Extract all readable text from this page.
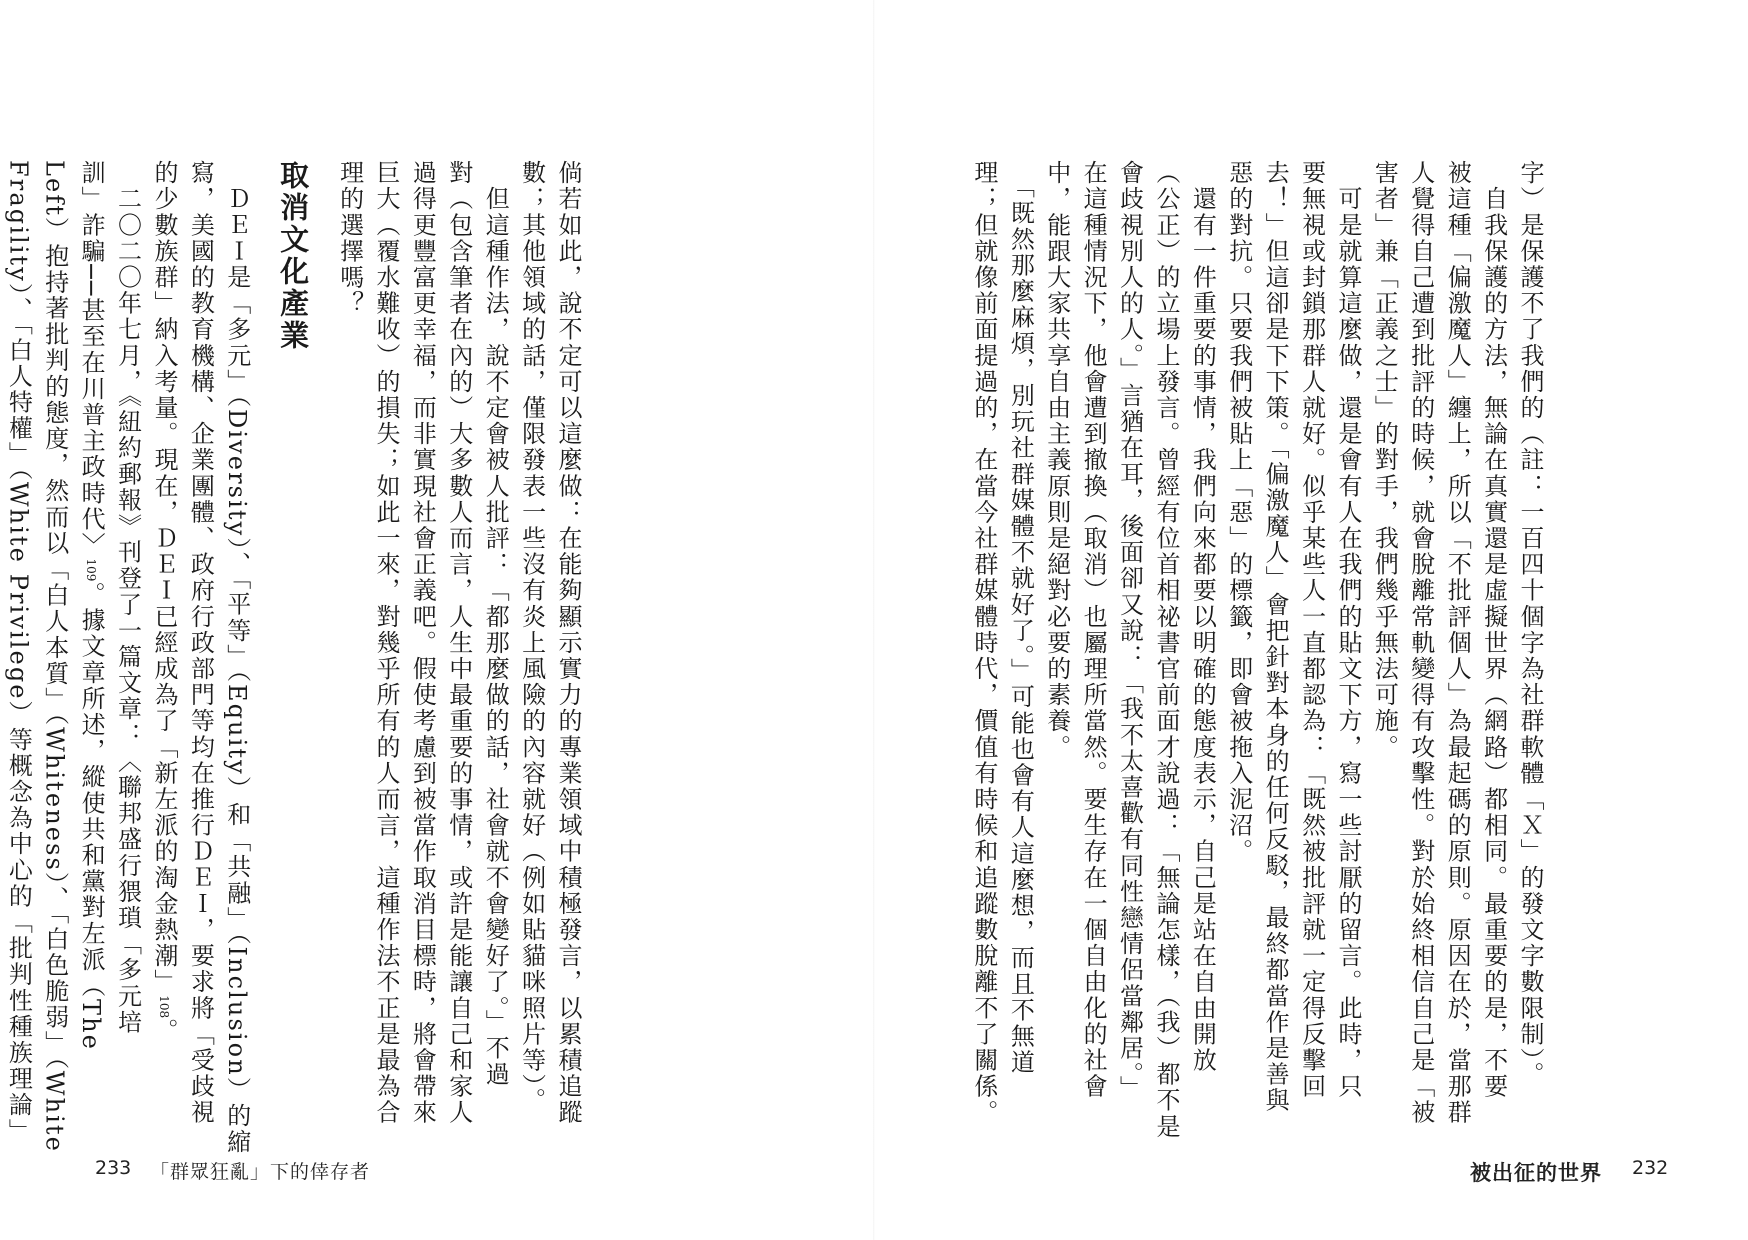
倘若如此，說不定可以這麼做：在能夠顯示實力的專業領域中積極發言，以累積追蹤
數；其他領域的話，僅限發表一些沒有炎上風險的內容就好（例如貼貓咪照片等）。
　但這種作法，說不定會被人批評：「都那麼做的話，社會就不會變好了。」不過
對（包含筆者在內的）大多數人而言，人生中最重要的事情，或許是能讓自己和家人
過得更豐富更幸福，而非實現社會正義吧。假使考慮到被當作取消目標時，將會帶來
巨大（覆水難收）的損失；如此一來，對幾乎所有的人而言，這種作法不正是最為合
理的選擇嗎？
取消文化產業
　ＤＥＩ是「多元」（Diversity）、「平等」（Equity）和「共融」（Inclusion）的縮
寫，美國的教育機構、企業團體、政府行政部門等均在推行ＤＥＩ，要求將「受歧視
的少數族群」納入考量。現在，ＤＥＩ已經成為了「新左派的淘金熱潮」108。
　二〇二〇年七月，《紐約郵報》刊登了一篇文章：〈聯邦盛行猥瑣「多元培
訓」詐騙──甚至在川普主政時代〉109。據文章所述，縱使共和黨對左派（The
Left）抱持著批判的態度，然而以「白人本質」（Whiteness）、「白色脆弱」（White
Fragility）、「白人特權」（White Privilege）等概念為中心的「批判性種族理論」
233 「群眾狂亂」下的倖存者
字）是保護不了我們的（註：一百四十個字為社群軟體「Ｘ」的發文字數限制）。
　自我保護的方法，無論在真實還是虛擬世界（網路）都相同。最重要的是，不要
被這種「偏激魔人」纏上，所以「不批評個人」為最起碼的原則。原因在於，當那群
人覺得自己遭到批評的時候，就會脫離常軌變得有攻擊性。對於始終相信自己是「被
害者」兼「正義之士」的對手，我們幾乎無法可施。
　可是就算這麼做，還是會有人在我們的貼文下方，寫一些討厭的留言。此時，只
要無視或封鎖那群人就好。似乎某些人一直都認為：「既然被批評就一定得反擊回
去！」但這卻是下下策。「偏激魔人」會把針對本身的任何反駁，最終都當作是善與
惡的對抗。只要我們被貼上「惡」的標籤，即會被拖入泥沼。
　還有一件重要的事情，我們向來都要以明確的態度表示，自己是站在自由開放
（公正）的立場上發言。曾經有位首相祕書官前面才說過：「無論怎樣，（我）都不是
會歧視別人的人。」言猶在耳，後面卻又說：「我不太喜歡有同性戀情侶當鄰居。」
在這種情況下，他會遭到撤換（取消）也屬理所當然。要生存在一個自由化的社會
中，能跟大家共享自由主義原則是絕對必要的素養。
　「既然那麼麻煩，別玩社群媒體不就好了。」可能也會有人這麼想，而且不無道
理；但就像前面提過的，在當今社群媒體時代，價值有時候和追蹤數脫離不了關係。
被出征的世界 232
